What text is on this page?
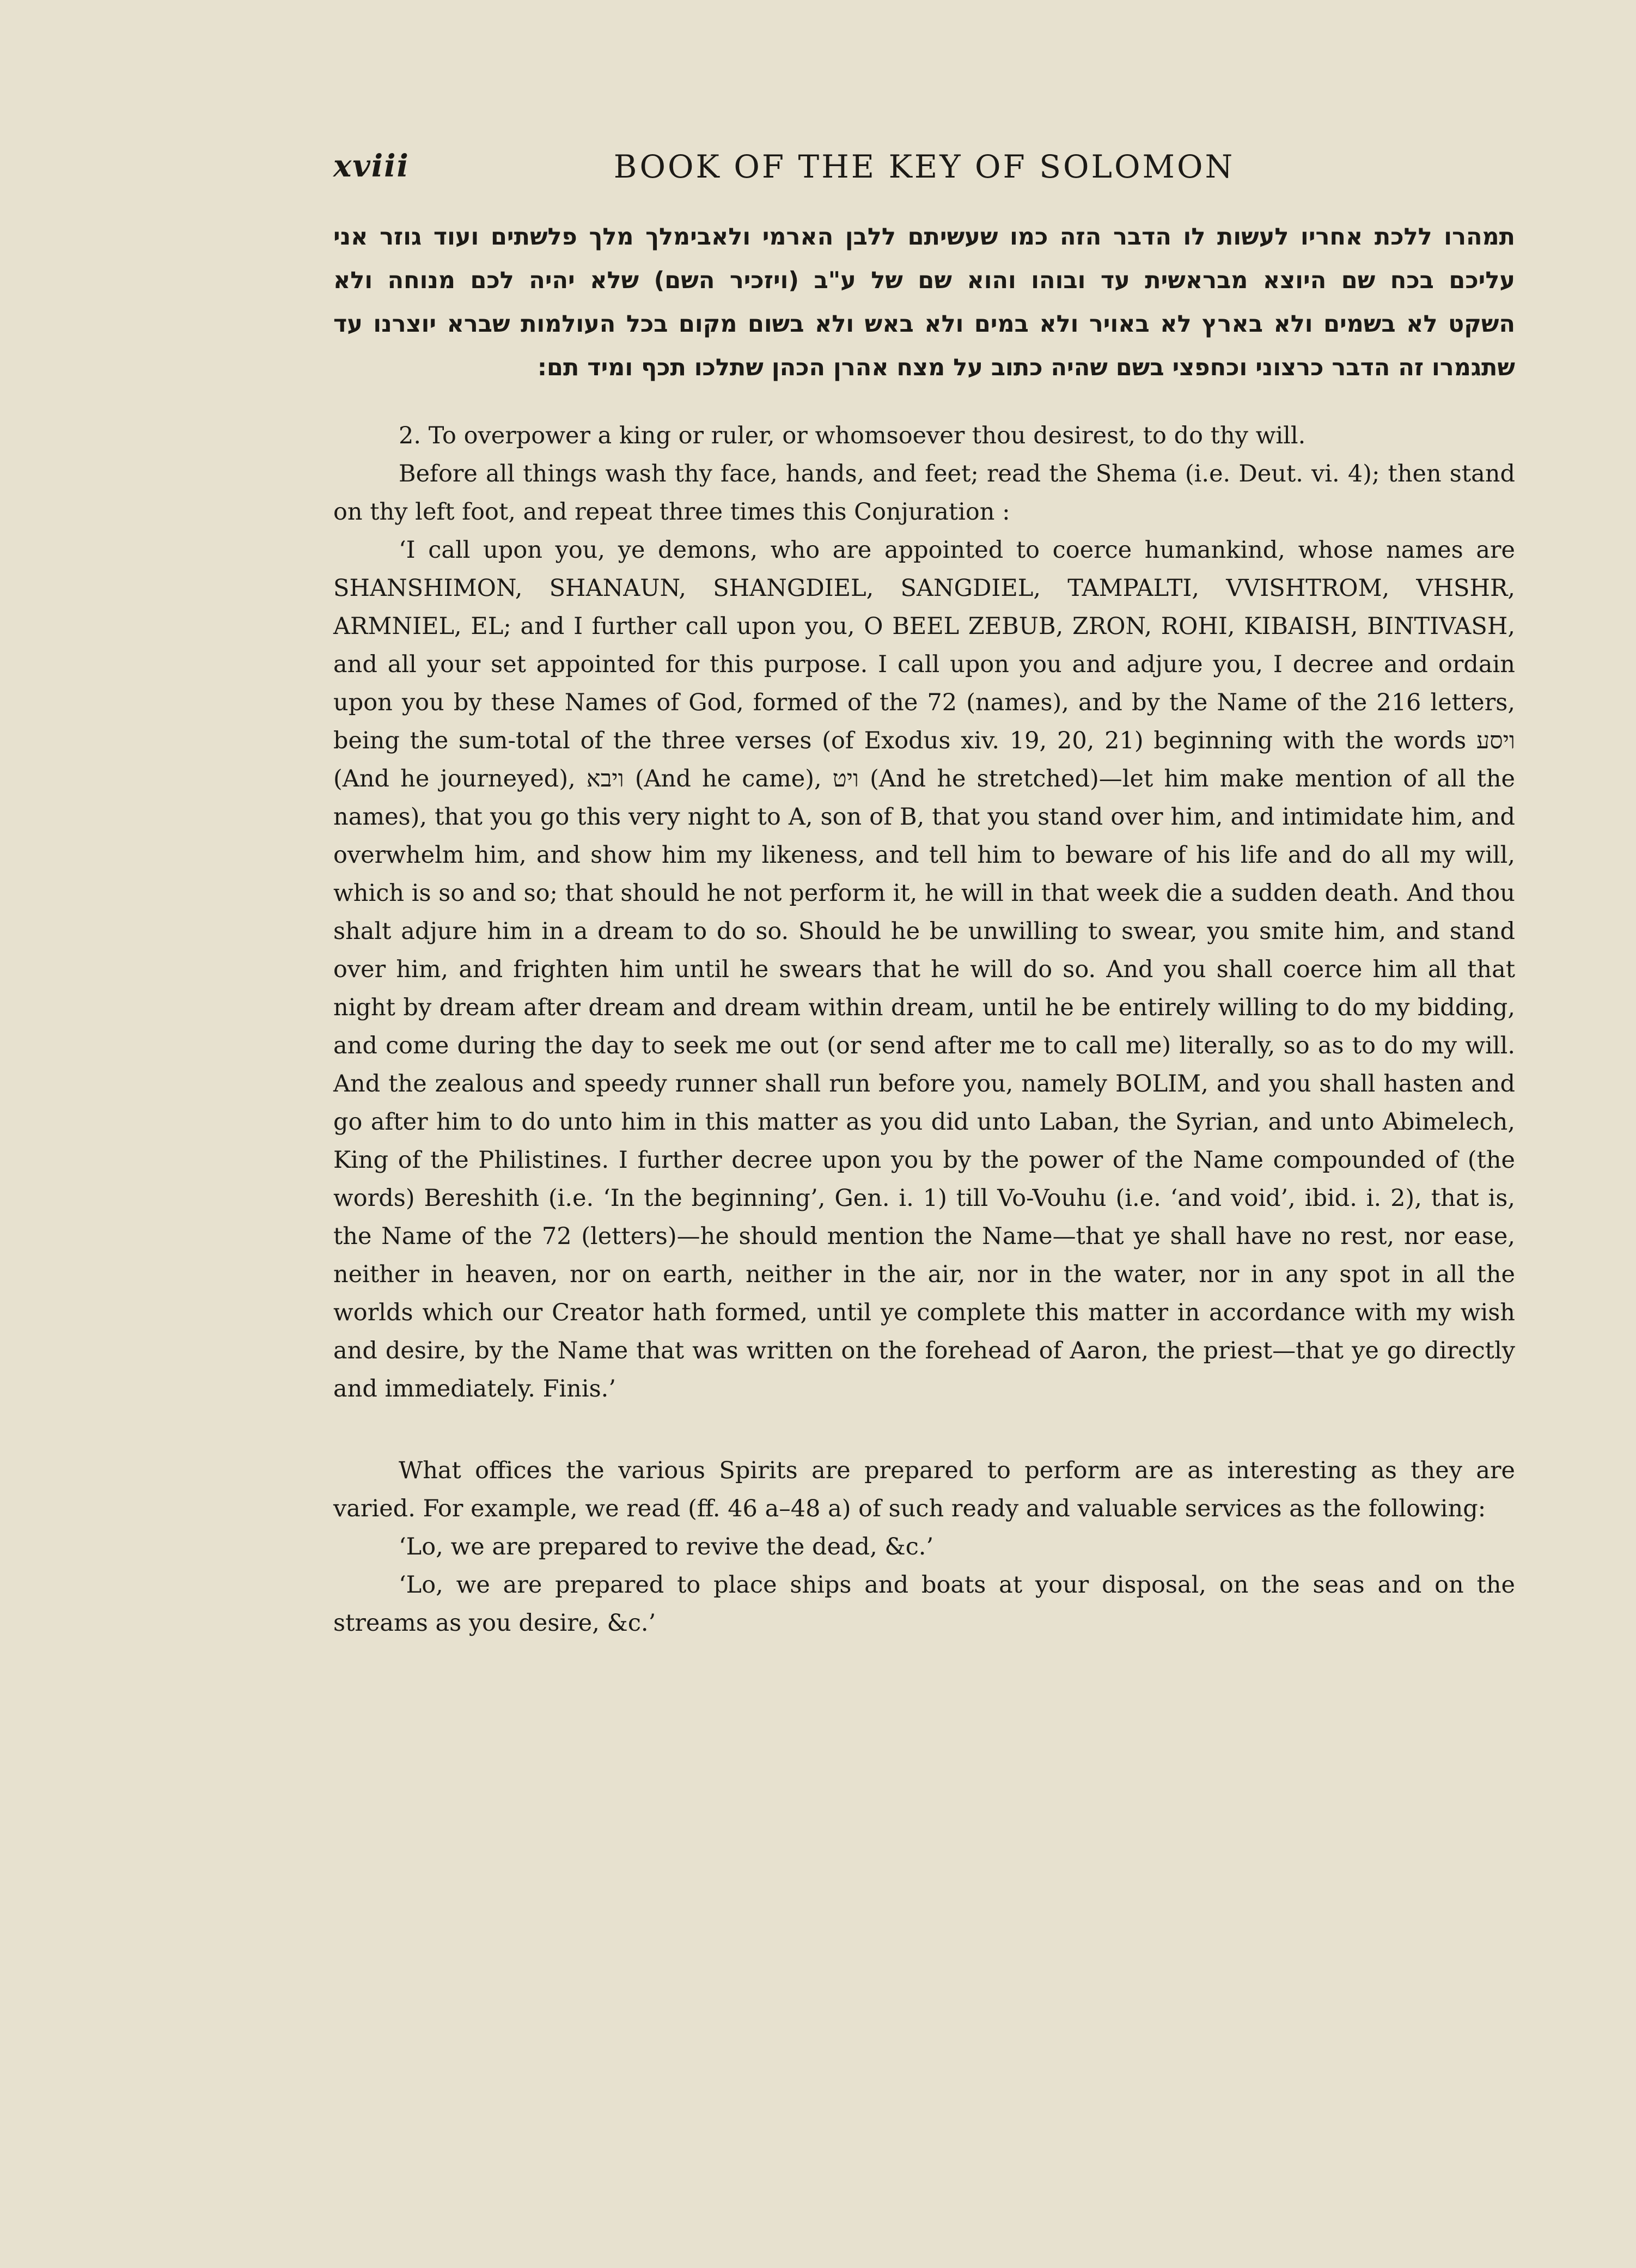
xviii	BOOK OF THE KEY OF SOLOMON
תמהרו ללכת אחריו לעשות לו הדבר הזה כמו שעשיתם ללבן הארמי ולאבימלך מלך פלשתים ועוד גוזר אני
עליכם בכח שם היוצא מבראשית עד ובוהו והוא שם של ע"ב (ויזכיר השם) שלא יהיה לכם מנוחה ולא
השקט לא בשמים ולא בארץ לא באויר ולא במים ולא באש ולא בשום מקום בכל העולמות שברא יוצרנו עד
שתגמרו זה הדבר כרצוני וכחפצי בשם שהיה כתוב על מצח אהרן הכהן שתלכו תכף ומיד תם:

2. To overpower a king or ruler, or whomsoever thou desirest, to do thy will.

Before all things wash thy face, hands, and feet; read the Shema (i.e. Deut. vi. 4); then stand on thy left foot, and repeat three times this Conjuration :

‘I call upon you, ye demons, who are appointed to coerce humankind, whose names are SHANSHIMON, SHANAUN, SHANGDIEL, SANGDIEL, TAMPALTI, VVISHTROM, VHSHR, ARMNIEL, EL; and I further call upon you, O BEEL ZEBUB, ZRON, ROHI, KIBAISH, BINTIVASH, and all your set appointed for this purpose. I call upon you and adjure you, I decree and ordain upon you by these Names of God, formed of the 72 (names), and by the Name of the 216 letters, being the sum-total of the three verses (of Exodus xiv. 19, 20, 21) beginning with the words ויסע (And he journeyed), ויבא (And he came), ויט (And he stretched)—let him make mention of all the names), that you go this very night to A, son of B, that you stand over him, and intimidate him, and overwhelm him, and show him my likeness, and tell him to beware of his life and do all my will, which is so and so; that should he not perform it, he will in that week die a sudden death. And thou shalt adjure him in a dream to do so. Should he be unwilling to swear, you smite him, and stand over him, and frighten him until he swears that he will do so. And you shall coerce him all that night by dream after dream and dream within dream, until he be entirely willing to do my bidding, and come during the day to seek me out (or send after me to call me) literally, so as to do my will. And the zealous and speedy runner shall run before you, namely BOLIM, and you shall hasten and go after him to do unto him in this matter as you did unto Laban, the Syrian, and unto Abimelech, King of the Philistines. I further decree upon you by the power of the Name compounded of (the words) Bereshith (i.e. ‘In the beginning’, Gen. i. 1) till Vo-Vouhu (i.e. ‘and void’, ibid. i. 2), that is, the Name of the 72 (letters)—he should mention the Name—that ye shall have no rest, nor ease, neither in heaven, nor on earth, neither in the air, nor in the water, nor in any spot in all the worlds which our Creator hath formed, until ye complete this matter in accordance with my wish and desire, by the Name that was written on the forehead of Aaron, the priest—that ye go directly and immediately. Finis.’

What offices the various Spirits are prepared to perform are as interesting as they are varied. For example, we read (ff. 46 a–48 a) of such ready and valuable services as the following:

‘Lo, we are prepared to revive the dead, &c.’

‘Lo, we are prepared to place ships and boats at your disposal, on the seas and on the streams as you desire, &c.’
